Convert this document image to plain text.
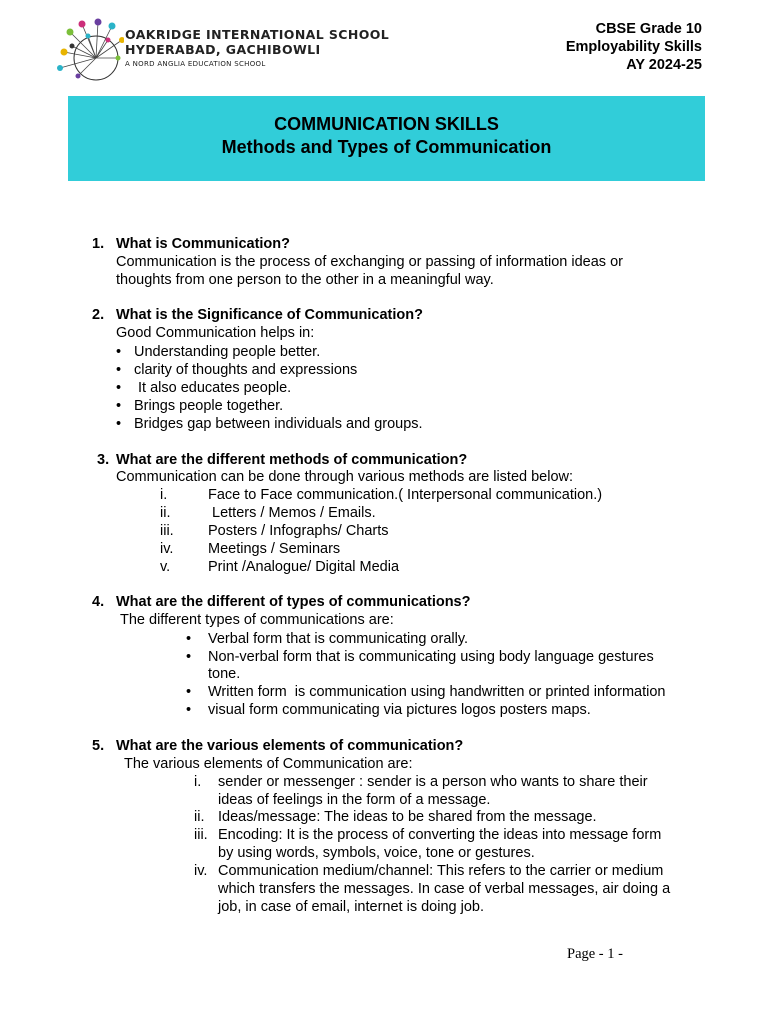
OAKRIDGE INTERNATIONAL SCHOOL
HYDERABAD, GACHIBOWLI
A NORD ANGLIA EDUCATION SCHOOL
CBSE Grade 10
Employability Skills
AY 2024-25
COMMUNICATION SKILLS
Methods and Types of Communication
1. What is Communication?
Communication is the process of exchanging or passing of information ideas or
thoughts from one person to the other in a meaningful way.
2. What is the Significance of Communication?
Good Communication helps in:
• Understanding people better.
• clarity of thoughts and expressions
• It also educates people.
• Brings people together.
• Bridges gap between individuals and groups.
3. What are the different methods of communication?
Communication can be done through various methods are listed below:
i.	Face to Face communication.( Interpersonal communication.)
ii.	Letters / Memos / Emails.
iii. Posters / Infographs/ Charts
iv. Meetings / Seminars
v.	Print /Analogue/ Digital Media
4. What are the different of types of communications?
The different types of communications are:
• Verbal form that is communicating orally.
• Non-verbal form that is communicating using body language gestures
tone.
• Written form  is communication using handwritten or printed information
• visual form communicating via pictures logos posters maps.
5. What are the various elements of communication?
The various elements of Communication are:
i. sender or messenger : sender is a person who wants to share their
ideas of feelings in the form of a message.
ii. Ideas/message: The ideas to be shared from the message.
iii. Encoding: It is the process of converting the ideas into message form
by using words, symbols, voice, tone or gestures.
iv. Communication medium/channel: This refers to the carrier or medium
which transfers the messages. In case of verbal messages, air doing a
job, in case of email, internet is doing job.
Page - 1 -
